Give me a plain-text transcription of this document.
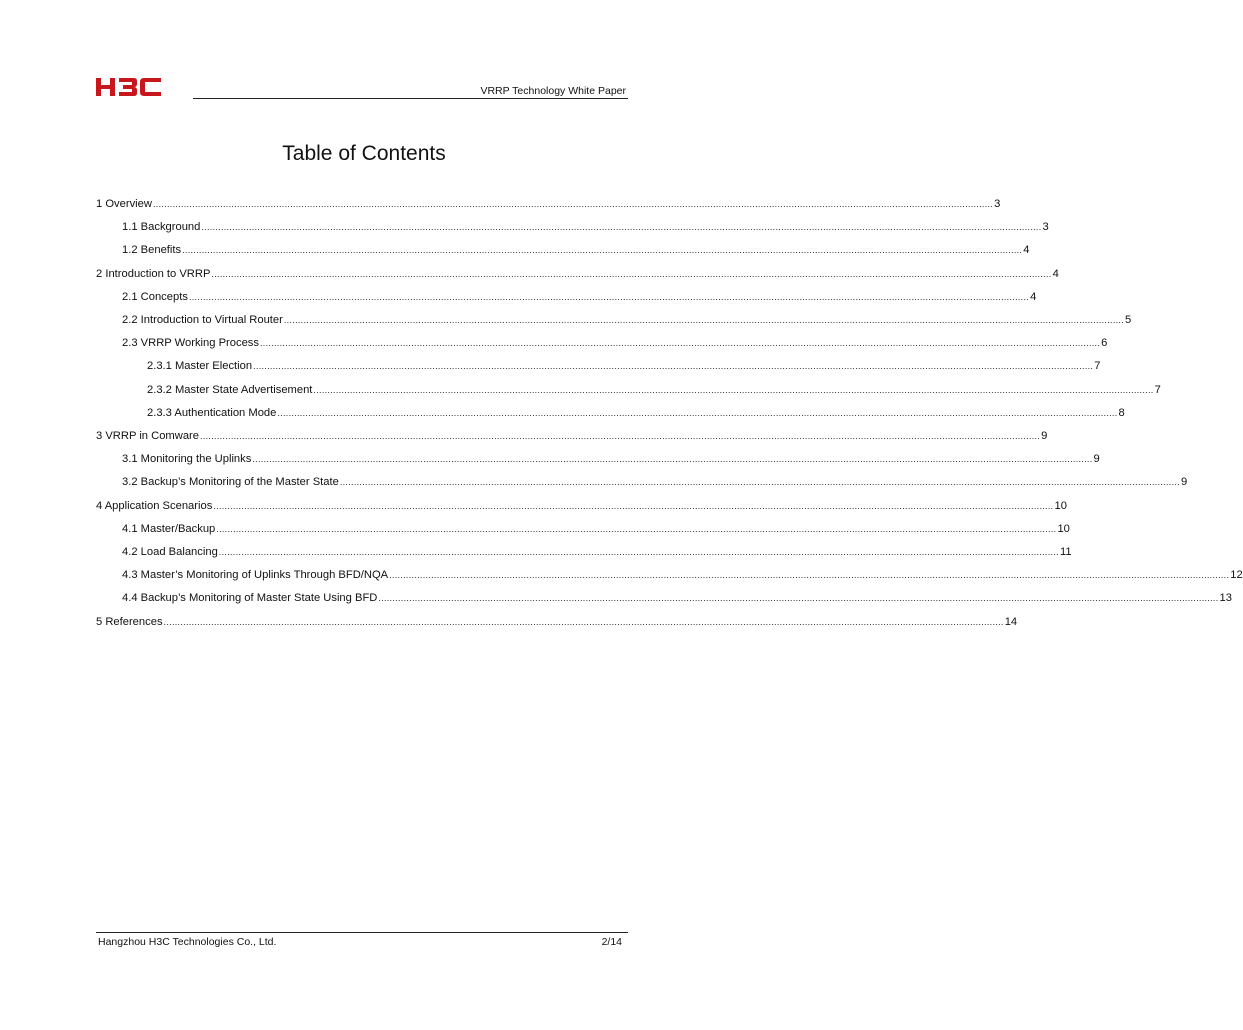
VRRP Technology White Paper
Table of Contents
1 Overview ............................................................................................................................................................................................................................................................................................................ 3
1.1 Background ............................................................................................................................................................................................................................................................................................................ 3
1.2 Benefits ............................................................................................................................................................................................................................................................................................................ 4
2 Introduction to VRRP ............................................................................................................................................................................................................................................................................................................ 4
2.1 Concepts ............................................................................................................................................................................................................................................................................................................ 4
2.2 Introduction to Virtual Router ............................................................................................................................................................................................................................................................................................................ 5
2.3 VRRP Working Process ............................................................................................................................................................................................................................................................................................................ 6
2.3.1 Master Election ............................................................................................................................................................................................................................................................................................................ 7
2.3.2 Master State Advertisement ............................................................................................................................................................................................................................................................................................................ 7
2.3.3 Authentication Mode ............................................................................................................................................................................................................................................................................................................ 8
3 VRRP in Comware ............................................................................................................................................................................................................................................................................................................ 9
3.1 Monitoring the Uplinks ............................................................................................................................................................................................................................................................................................................ 9
3.2 Backup’s Monitoring of the Master State ............................................................................................................................................................................................................................................................................................................ 9
4 Application Scenarios ............................................................................................................................................................................................................................................................................................................ 10
4.1 Master/Backup ............................................................................................................................................................................................................................................................................................................ 10
4.2 Load Balancing ............................................................................................................................................................................................................................................................................................................ 11
4.3 Master’s Monitoring of Uplinks Through BFD/NQA ............................................................................................................................................................................................................................................................................................................ 12
4.4 Backup’s Monitoring of Master State Using BFD ............................................................................................................................................................................................................................................................................................................ 13
5 References ............................................................................................................................................................................................................................................................................................................ 14
Hangzhou H3C Technologies Co., Ltd.	2/14
